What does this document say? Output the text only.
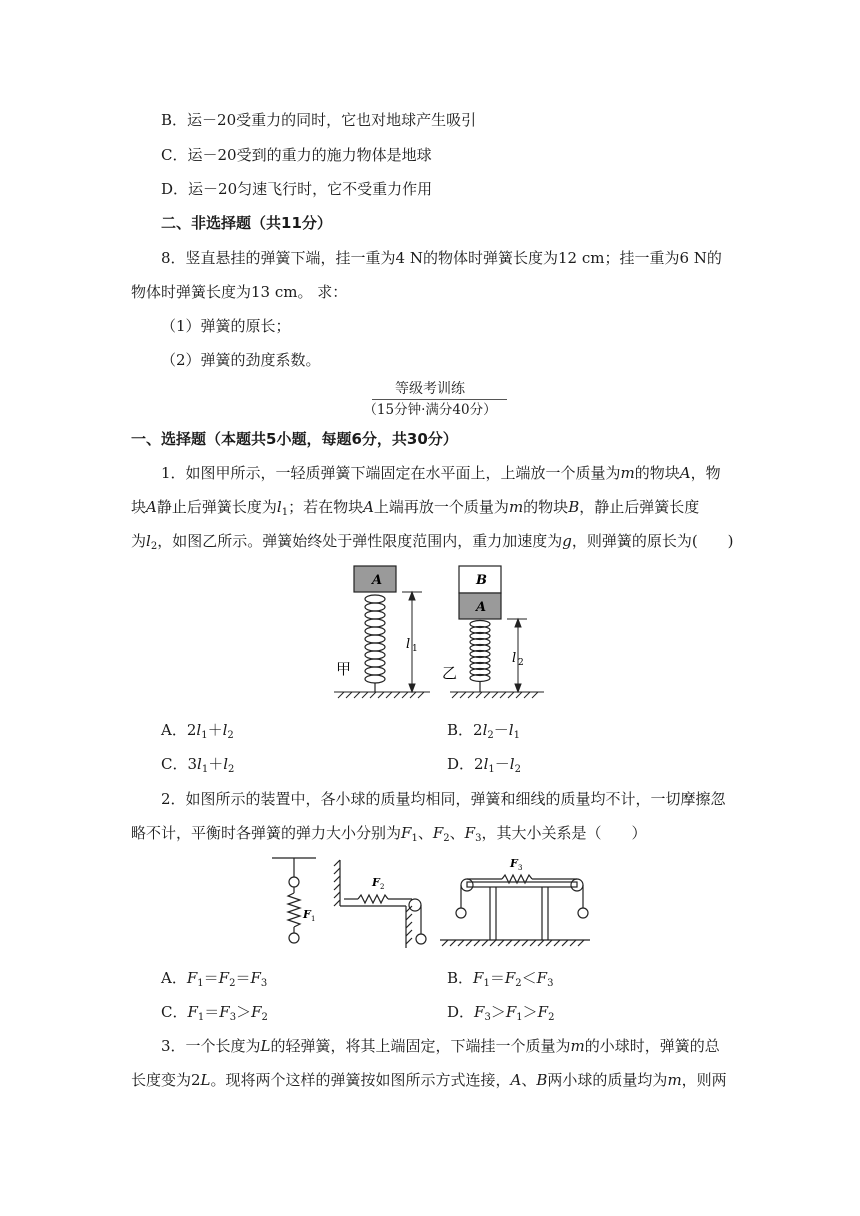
B．运－20受重力的同时，它也对地球产生吸引
C．运－20受到的重力的施力物体是地球
D．运－20匀速飞行时，它不受重力作用
二、非选择题（共11分）
8．竖直悬挂的弹簧下端，挂一重为4 N的物体时弹簧长度为12 cm；挂一重为6 N的
物体时弹簧长度为13 cm。 求：
（1）弹簧的原长；
（2）弹簧的劲度系数。
等级考训练
（15分钟·满分40分）
一、选择题（本题共5小题，每题6分，共30分）
1．如图甲所示，一轻质弹簧下端固定在水平面上，上端放一个质量为m的物块A，物
块A静止后弹簧长度为$l_1$；若在物块A上端再放一个质量为m的物块B，静止后弹簧长度
为$l_2$，如图乙所示。弹簧始终处于弹性限度范围内，重力加速度为g，则弹簧的原长为(　　)
A
l 1
甲
B
A
l 2
乙
A．$2l_1+l_2$	B．$2l_2-l_1$
C．$3l_1+l_2$	D．$2l_1-l_2$
2．如图所示的装置中，各小球的质量均相同，弹簧和细线的质量均不计，一切摩擦忽
略不计，平衡时各弹簧的弹力大小分别为$F_1$、$F_2$、$F_3$，其大小关系是（　　）
F 1
F 2
F 3
A．$F_1=F_2=F_3$	B．$F_1=F_2<F_3$
C．$F_1=F_3>F_2$	D．$F_3>F_1>F_2$
3．一个长度为L的轻弹簧，将其上端固定，下端挂一个质量为m的小球时，弹簧的总
长度变为2L。现将两个这样的弹簧按如图所示方式连接，A、B两小球的质量均为m，则两
